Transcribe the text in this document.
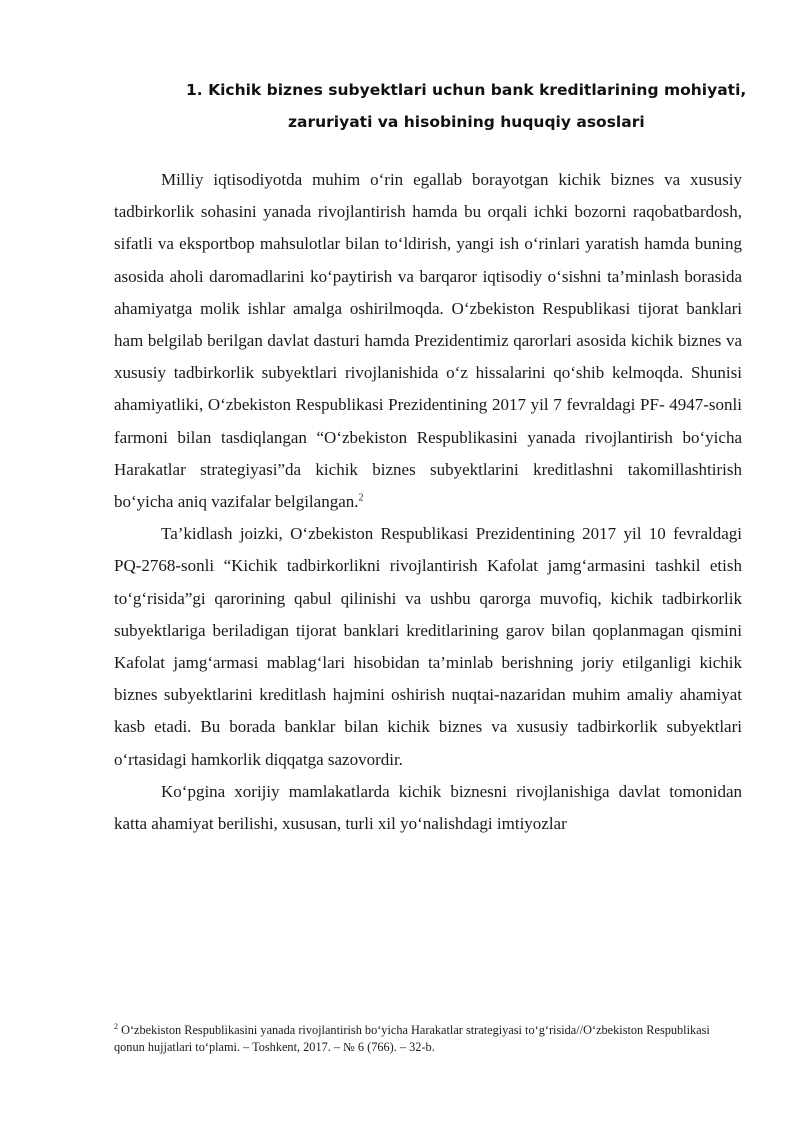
1. Kichik biznes subyektlari uchun bank kreditlarining mohiyati,
zaruriyati va hisobining huquqiy asoslari

Milliy iqtisodiyotda muhim o‘rin egallab borayotgan kichik biznes va xususiy tadbirkorlik sohasini yanada rivojlantirish hamda bu orqali ichki bozorni raqobatbardosh, sifatli va eksportbop mahsulotlar bilan to‘ldirish, yangi ish o‘rinlari yaratish hamda buning asosida aholi daromadlarini ko‘paytirish va barqaror iqtisodiy o‘sishni ta’minlash borasida ahamiyatga molik ishlar amalga oshirilmoqda. O‘zbekiston Respublikasi tijorat banklari ham belgilab berilgan davlat dasturi hamda Prezidentimiz qarorlari asosida kichik biznes va xususiy tadbirkorlik subyektlari rivojlanishida o‘z hissalarini qo‘shib kelmoqda. Shunisi ahamiyatliki, O‘zbekiston Respublikasi Prezidentining 2017 yil 7 fevraldagi PF- 4947-sonli farmoni bilan tasdiqlangan “O‘zbekiston Respublikasini yanada rivojlantirish bo‘yicha Harakatlar strategiyasi”da kichik biznes subyektlarini kreditlashni takomillashtirish bo‘yicha aniq vazifalar belgilangan.$^2$

Ta’kidlash joizki, O‘zbekiston Respublikasi Prezidentining 2017 yil 10 fevraldagi PQ-2768-sonli “Kichik tadbirkorlikni rivojlantirish Kafolat jamg‘armasini tashkil etish to‘g‘risida”gi qarorining qabul qilinishi va ushbu qarorga muvofiq, kichik tadbirkorlik subyektlariga beriladigan tijorat banklari kreditlarining garov bilan qoplanmagan qismini Kafolat jamg‘armasi mablag‘lari hisobidan ta’minlab berishning joriy etilganligi kichik biznes subyektlarini kreditlash hajmini oshirish nuqtai-nazaridan muhim amaliy ahamiyat kasb etadi. Bu borada banklar bilan kichik biznes va xususiy tadbirkorlik subyektlari o‘rtasidagi hamkorlik diqqatga sazovordir.

Ko‘pgina xorijiy mamlakatlarda kichik biznesni rivojlanishiga davlat tomonidan katta ahamiyat berilishi, xususan, turli xil yo‘nalishdagi imtiyozlar

$^2$ O‘zbekiston Respublikasini yanada rivojlantirish bo‘yicha Harakatlar strategiyasi to‘g‘risida//O‘zbekiston Respublikasi qonun hujjatlari to‘plami. – Toshkent, 2017. – № 6 (766). – 32-b.
